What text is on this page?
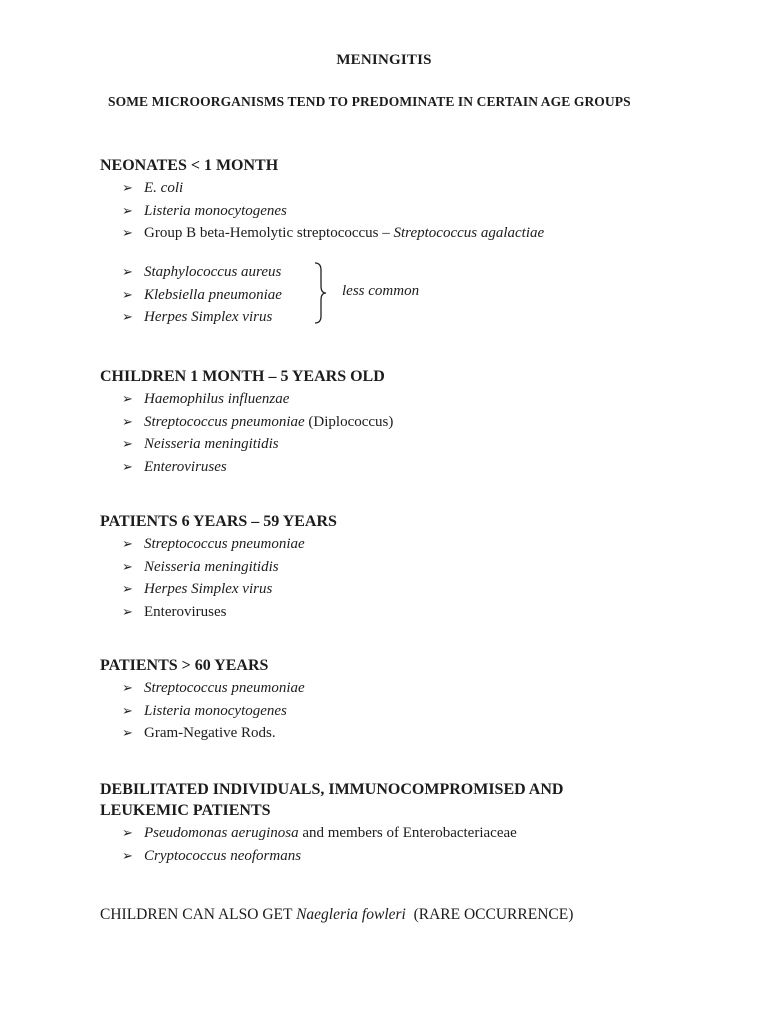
MENINGITIS
SOME MICROORGANISMS TEND TO PREDOMINATE IN CERTAIN AGE GROUPS
NEONATES < 1 MONTH
➢ E. coli
➢ Listeria monocytogenes
➢ Group B beta-Hemolytic streptococcus – Streptococcus agalactiae
➢ Staphylococcus aureus
➢ Klebsiella pneumoniae
➢ Herpes Simplex virus
less common
CHILDREN 1 MONTH – 5 YEARS OLD
➢ Haemophilus influenzae
➢ Streptococcus pneumoniae (Diplococcus)
➢ Neisseria meningitidis
➢ Enteroviruses
PATIENTS 6 YEARS – 59 YEARS
➢ Streptococcus pneumoniae
➢ Neisseria meningitidis
➢ Herpes Simplex virus
➢ Enteroviruses
PATIENTS > 60 YEARS
➢ Streptococcus pneumoniae
➢ Listeria monocytogenes
➢ Gram-Negative Rods.
DEBILITATED INDIVIDUALS, IMMUNOCOMPROMISED AND
LEUKEMIC PATIENTS
➢ Pseudomonas aeruginosa and members of Enterobacteriaceae
➢ Cryptococcus neoformans
CHILDREN CAN ALSO GET Naegleria fowleri  (RARE OCCURRENCE)
